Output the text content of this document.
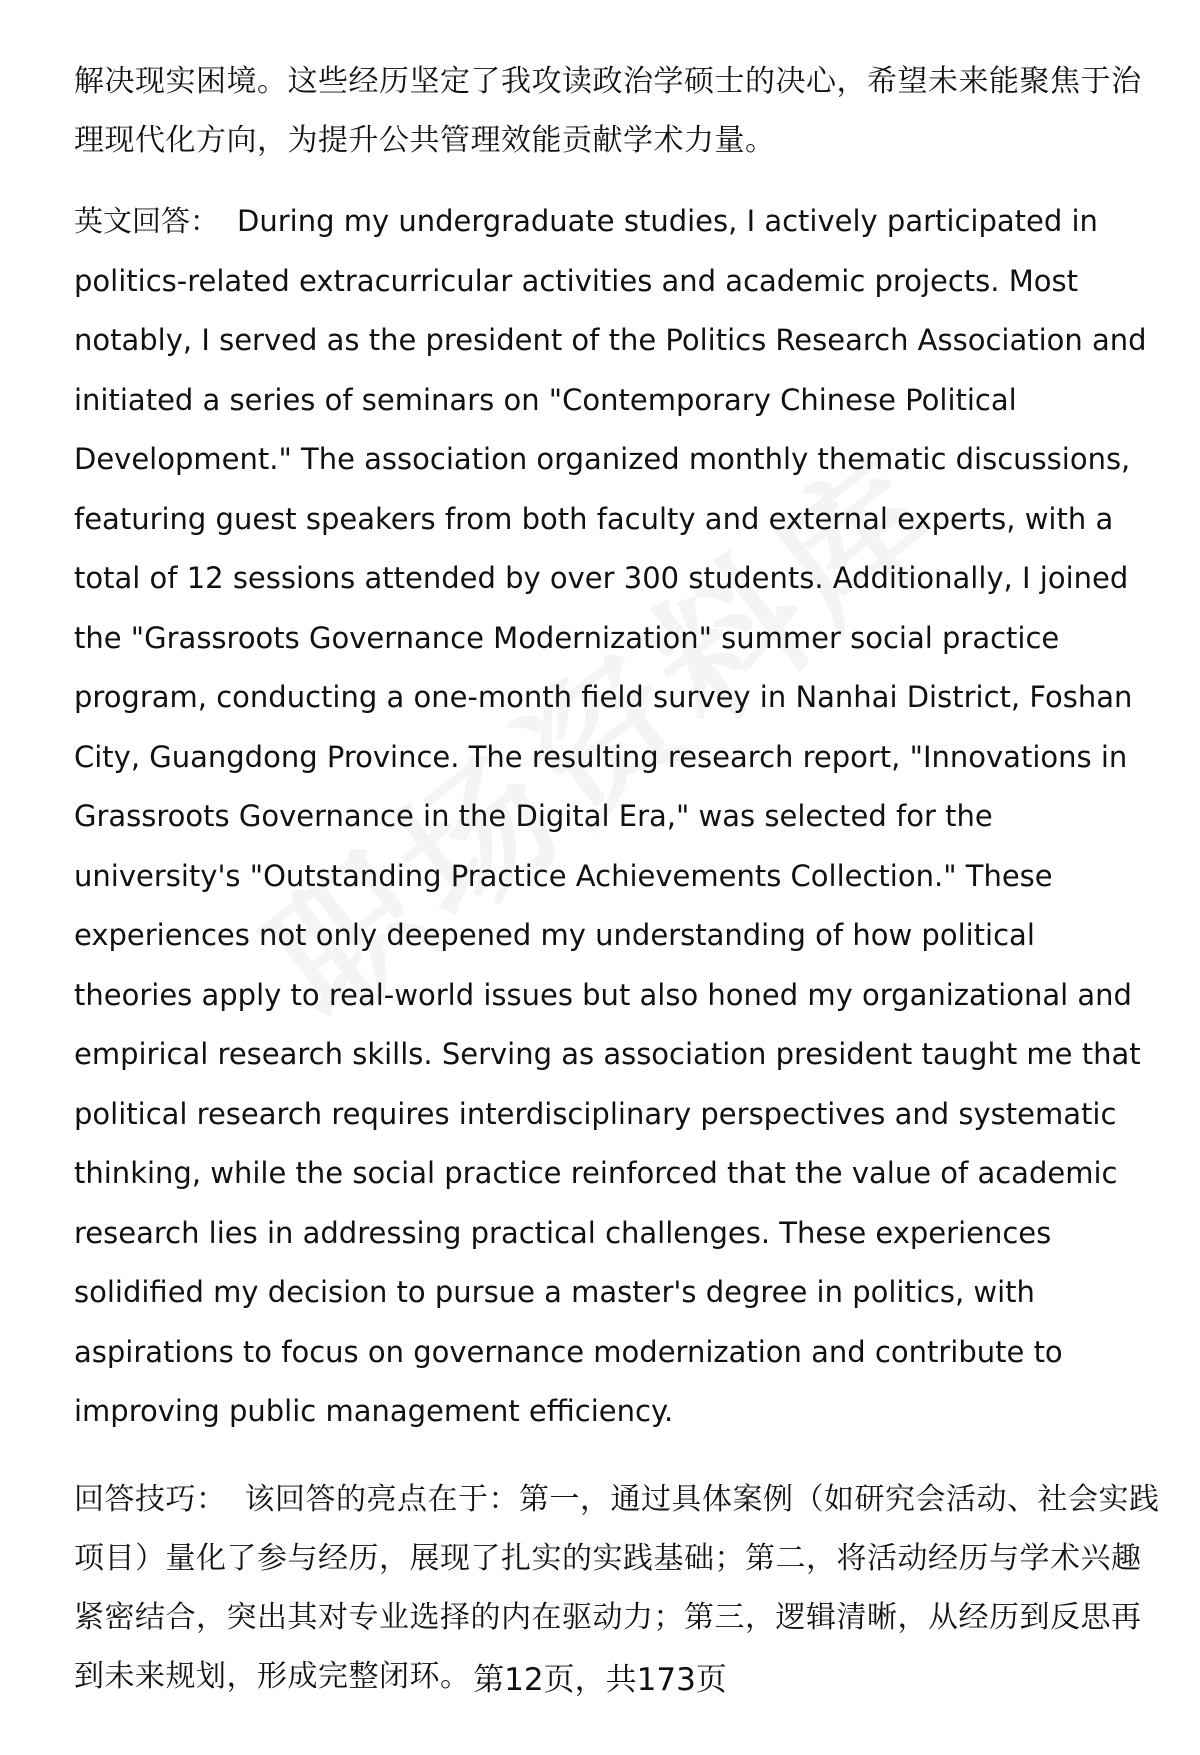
解决现实困境。这些经历坚定了我攻读政治学硕士的决心，希望未来能聚焦于治理现代化方向，为提升公共管理效能贡献学术力量。

英文回答： During my undergraduate studies, I actively participated in politics-related extracurricular activities and academic projects. Most notably, I served as the president of the Politics Research Association and initiated a series of seminars on "Contemporary Chinese Political Development." The association organized monthly thematic discussions, featuring guest speakers from both faculty and external experts, with a total of 12 sessions attended by over 300 students. Additionally, I joined the "Grassroots Governance Modernization" summer social practice program, conducting a one-month field survey in Nanhai District, Foshan City, Guangdong Province. The resulting research report, "Innovations in Grassroots Governance in the Digital Era," was selected for the university's "Outstanding Practice Achievements Collection." These experiences not only deepened my understanding of how political theories apply to real-world issues but also honed my organizational and empirical research skills. Serving as association president taught me that political research requires interdisciplinary perspectives and systematic thinking, while the social practice reinforced that the value of academic research lies in addressing practical challenges. These experiences solidified my decision to pursue a master's degree in politics, with aspirations to focus on governance modernization and contribute to improving public management efficiency.

回答技巧： 该回答的亮点在于：第一，通过具体案例（如研究会活动、社会实践项目）量化了参与经历，展现了扎实的实践基础；第二，将活动经历与学术兴趣紧密结合，突出其对专业选择的内在驱动力；第三，逻辑清晰，从经历到反思再到未来规划，形成完整闭环。 第12页，共173页
